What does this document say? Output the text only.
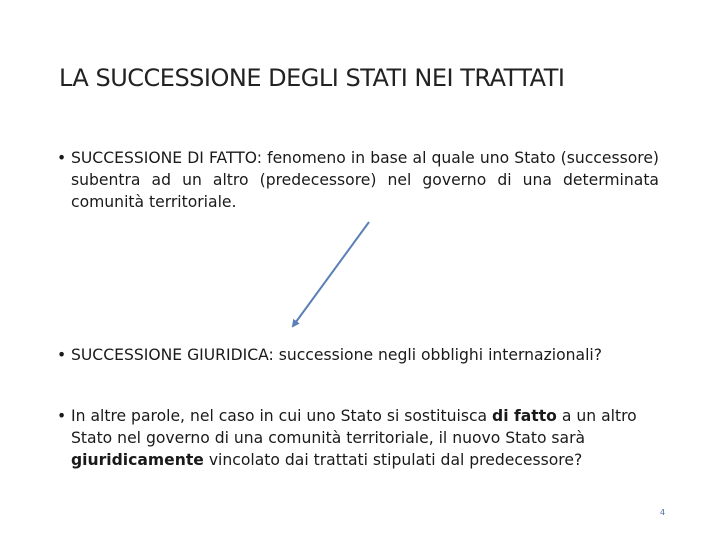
LA SUCCESSIONE DEGLI STATI NEI TRATTATI
• SUCCESSIONE DI FATTO: fenomeno in base al quale uno Stato (successore) subentra ad un altro (predecessore) nel governo di una determinata comunità territoriale.
• SUCCESSIONE GIURIDICA: successione negli obblighi internazionali?
• In altre parole, nel caso in cui uno Stato si sostituisca di fatto a un altro Stato nel governo di una comunità territoriale, il nuovo Stato sarà giuridicamente vincolato dai trattati stipulati dal predecessore?
4
